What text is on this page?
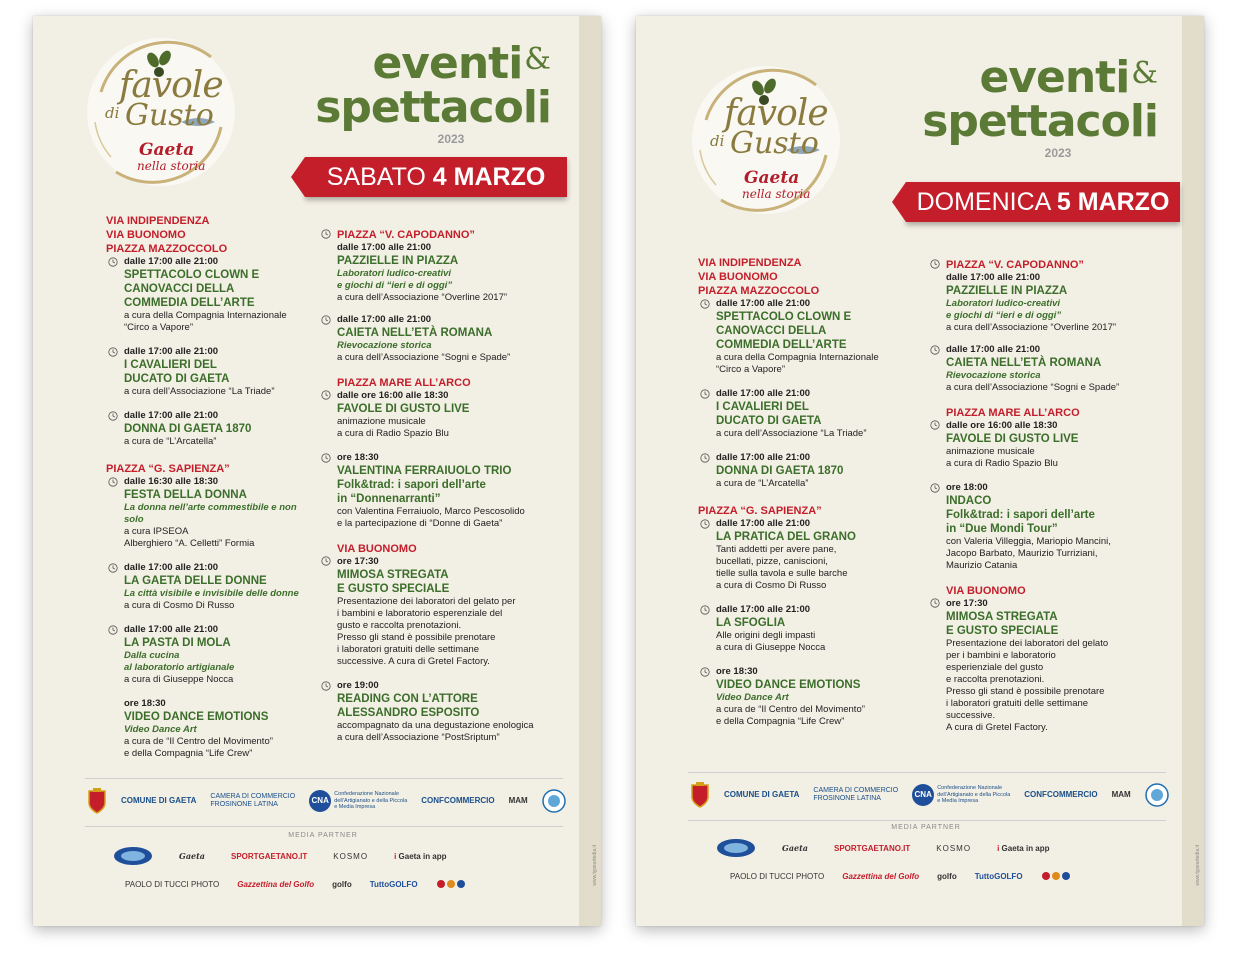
www.typeartedia.it
favole
di Gusto
Gaeta
nella storia
eventi&
spettacoli
2023
SABATO 4 MARZO
VIA INDIPENDENZA
VIA BUONOMO
PIAZZA MAZZOCCOLO
dalle 17:00 alle 21:00
SPETTACOLO CLOWN E
CANOVACCI DELLA
COMMEDIA DELL’ARTE
a cura della Compagnia Internazionale
“Circo a Vapore”
dalle 17:00 alle 21:00
I CAVALIERI DEL
DUCATO DI GAETA
a cura dell’Associazione “La Triade”
dalle 17:00 alle 21:00
DONNA DI GAETA 1870
a cura de “L’Arcatella”
PIAZZA “G. SAPIENZA”
dalle 16:30 alle 18:30
FESTA DELLA DONNA
La donna nell’arte commestibile e non solo
a cura IPSEOA
Alberghiero “A. Celletti” Formia
dalle 17:00 alle 21:00
LA GAETA DELLE DONNE
La città visibile e invisibile delle donne
a cura di Cosmo Di Russo
dalle 17:00 alle 21:00
LA PASTA DI MOLA
Dalla cucina
al laboratorio artigianale
a cura di Giuseppe Nocca
ore 18:30
VIDEO DANCE EMOTIONS
Video Dance Art
a cura de “Il Centro del Movimento”
e della Compagnia “Life Crew”
PIAZZA “V. CAPODANNO”
dalle 17:00 alle 21:00
PAZZIELLE IN PIAZZA
Laboratori ludico-creativi
e giochi di “ieri e di oggi”
a cura dell’Associazione “Overline 2017”
dalle 17:00 alle 21:00
CAIETA NELL’ETÀ ROMANA
Rievocazione storica
a cura dell’Associazione “Sogni e Spade”
PIAZZA MARE ALL’ARCO
dalle ore 16:00 alle 18:30
FAVOLE DI GUSTO LIVE
animazione musicale
a cura di Radio Spazio Blu
ore 18:30
VALENTINA FERRAIUOLO TRIO
Folk&trad: i sapori dell’arte
in “Donnenarranti”
con Valentina Ferraiuolo, Marco Pescosolido
e la partecipazione di “Donne di Gaeta”
VIA BUONOMO
ore 17:30
MIMOSA STREGATA
E GUSTO SPECIALE
Presentazione dei laboratori del gelato per
i bambini e laboratorio esperenziale del
gusto e raccolta prenotazioni.
Presso gli stand è possibile prenotare
i laboratori gratuiti delle settimane
successive. A cura di Gretel Factory.
ore 19:00
READING CON L’ATTORE
ALESSANDRO ESPOSITO
accompagnato da una degustazione enologica
a cura dell’Associazione “PostSriptum”
COMUNE DI GAETA CAMERA DI COMMERCIO
FROSINONE LATINA	CNA
Confederazione Nazionale
dell’Artigianato e della Piccola
e Media Impresa
CONFCOMMERCIO MAM
MEDIA PARTNER
Gaeta	SPORTGAETANO.IT	KOSMO	i Gaeta in app
PAOLO DI TUCCI PHOTO Gazzettina del Golfo golfo TuttoGOLFO	www.typeartedia.it
favole
di Gusto
Gaeta
nella storia
eventi&
spettacoli
2023
DOMENICA 5 MARZO
VIA INDIPENDENZA
VIA BUONOMO
PIAZZA MAZZOCCOLO
dalle 17:00 alle 21:00
SPETTACOLO CLOWN E
CANOVACCI DELLA
COMMEDIA DELL’ARTE
a cura della Compagnia Internazionale
“Circo a Vapore”
dalle 17:00 alle 21:00
I CAVALIERI DEL
DUCATO DI GAETA
a cura dell’Associazione “La Triade”
dalle 17:00 alle 21:00
DONNA DI GAETA 1870
a cura de “L’Arcatella”
PIAZZA “G. SAPIENZA”
dalle 17:00 alle 21:00
LA PRATICA DEL GRANO
Tanti addetti per avere pane,
bucellati, pizze, caniscioni,
tielle sulla tavola e sulle barche
a cura di Cosmo Di Russo
dalle 17:00 alle 21:00
LA SFOGLIA
Alle origini degli impasti
a cura di Giuseppe Nocca
ore 18:30
VIDEO DANCE EMOTIONS
Video Dance Art
a cura de “Il Centro del Movimento”
e della Compagnia “Life Crew”
PIAZZA “V. CAPODANNO”
dalle 17:00 alle 21:00
PAZZIELLE IN PIAZZA
Laboratori ludico-creativi
e giochi di “ieri e di oggi”
a cura dell’Associazione “Overline 2017”
dalle 17:00 alle 21:00
CAIETA NELL’ETÀ ROMANA
Rievocazione storica
a cura dell’Associazione “Sogni e Spade”
PIAZZA MARE ALL’ARCO
dalle ore 16:00 alle 18:30
FAVOLE DI GUSTO LIVE
animazione musicale
a cura di Radio Spazio Blu
ore 18:00
INDACO
Folk&trad: i sapori dell’arte
in “Due Mondi Tour”
con Valeria Villeggia, Mariopio Mancini,
Jacopo Barbato, Maurizio Turriziani,
Maurizio Catania
VIA BUONOMO
ore 17:30
MIMOSA STREGATA
E GUSTO SPECIALE
Presentazione dei laboratori del gelato
per i bambini e laboratorio
esperienziale del gusto
e raccolta prenotazioni.
Presso gli stand è possibile prenotare
i laboratori gratuiti delle settimane
successive.
A cura di Gretel Factory.
COMUNE DI GAETA CAMERA DI COMMERCIO
FROSINONE LATINA	CNA
Confederazione Nazionale
dell’Artigianato e della Piccola
e Media Impresa
CONFCOMMERCIO MAM
MEDIA PARTNER
Gaeta	SPORTGAETANO.IT	KOSMO	i Gaeta in app
PAOLO DI TUCCI PHOTO Gazzettina del Golfo golfo TuttoGOLFO
